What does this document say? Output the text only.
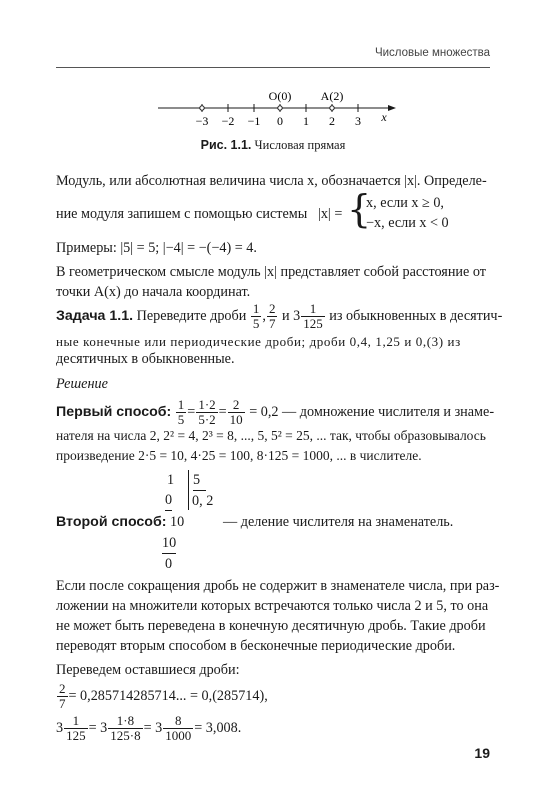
Числовые множества
O(0) A(2)
−3 −2 −1 0 1 2 3 x
Рис. 1.1. Числовая прямая
Модуль, или абсолютная величина числа x, обозначается |x|. Определе-
ние модуля запишем с помощью системы |x| = {
x, если x ≥ 0,
−x, если x < 0
Примеры: |5| = 5; |−4| = −(−4) = 4.
В геометрическом смысле модуль |x| представляет собой расстояние от
точки A(x) до начала координат.
Задача 1.1. Переведите дроби $\frac{1}{5}$ , $\frac{2}{7}$ и $3 \frac{1}{125}$ из обыкновенных в десятич-
ные конечные или периодические дроби; дроби 0,4, 1,25 и 0,(3) из
десятичных в обыкновенные.
Решение
Первый способ: $\frac{1}{5} = \frac{1\cdot 2}{5\cdot 2} = \frac{2}{10} = 0,2$ — домножение числителя и знаме-
нателя на числа 2, 2² = 4, 2³ = 8, ..., 5, 5² = 25, ... так, чтобы образовывалось
произведение 2·5 = 10, 4·25 = 100, 8·125 = 1000, ... в числителе.
1 5
0 0, 2
Второй способ: 10	— деление числителя на знаменатель.
10
0
Если после сокращения дробь не содержит в знаменателе числа, при раз-
ложении на множители которых встречаются только числа 2 и 5, то она
не может быть переведена в конечную десятичную дробь. Такие дроби
переводят вторым способом в бесконечные периодические дроби.
Переведем оставшиеся дроби:
$\frac{2}{7} = 0,285714285714$... = 0,(285714),
$3 \frac{1}{125} = 3 \frac{1\cdot 8}{125\cdot 8} = 3 \frac{8}{1000} = 3,008$.
19
